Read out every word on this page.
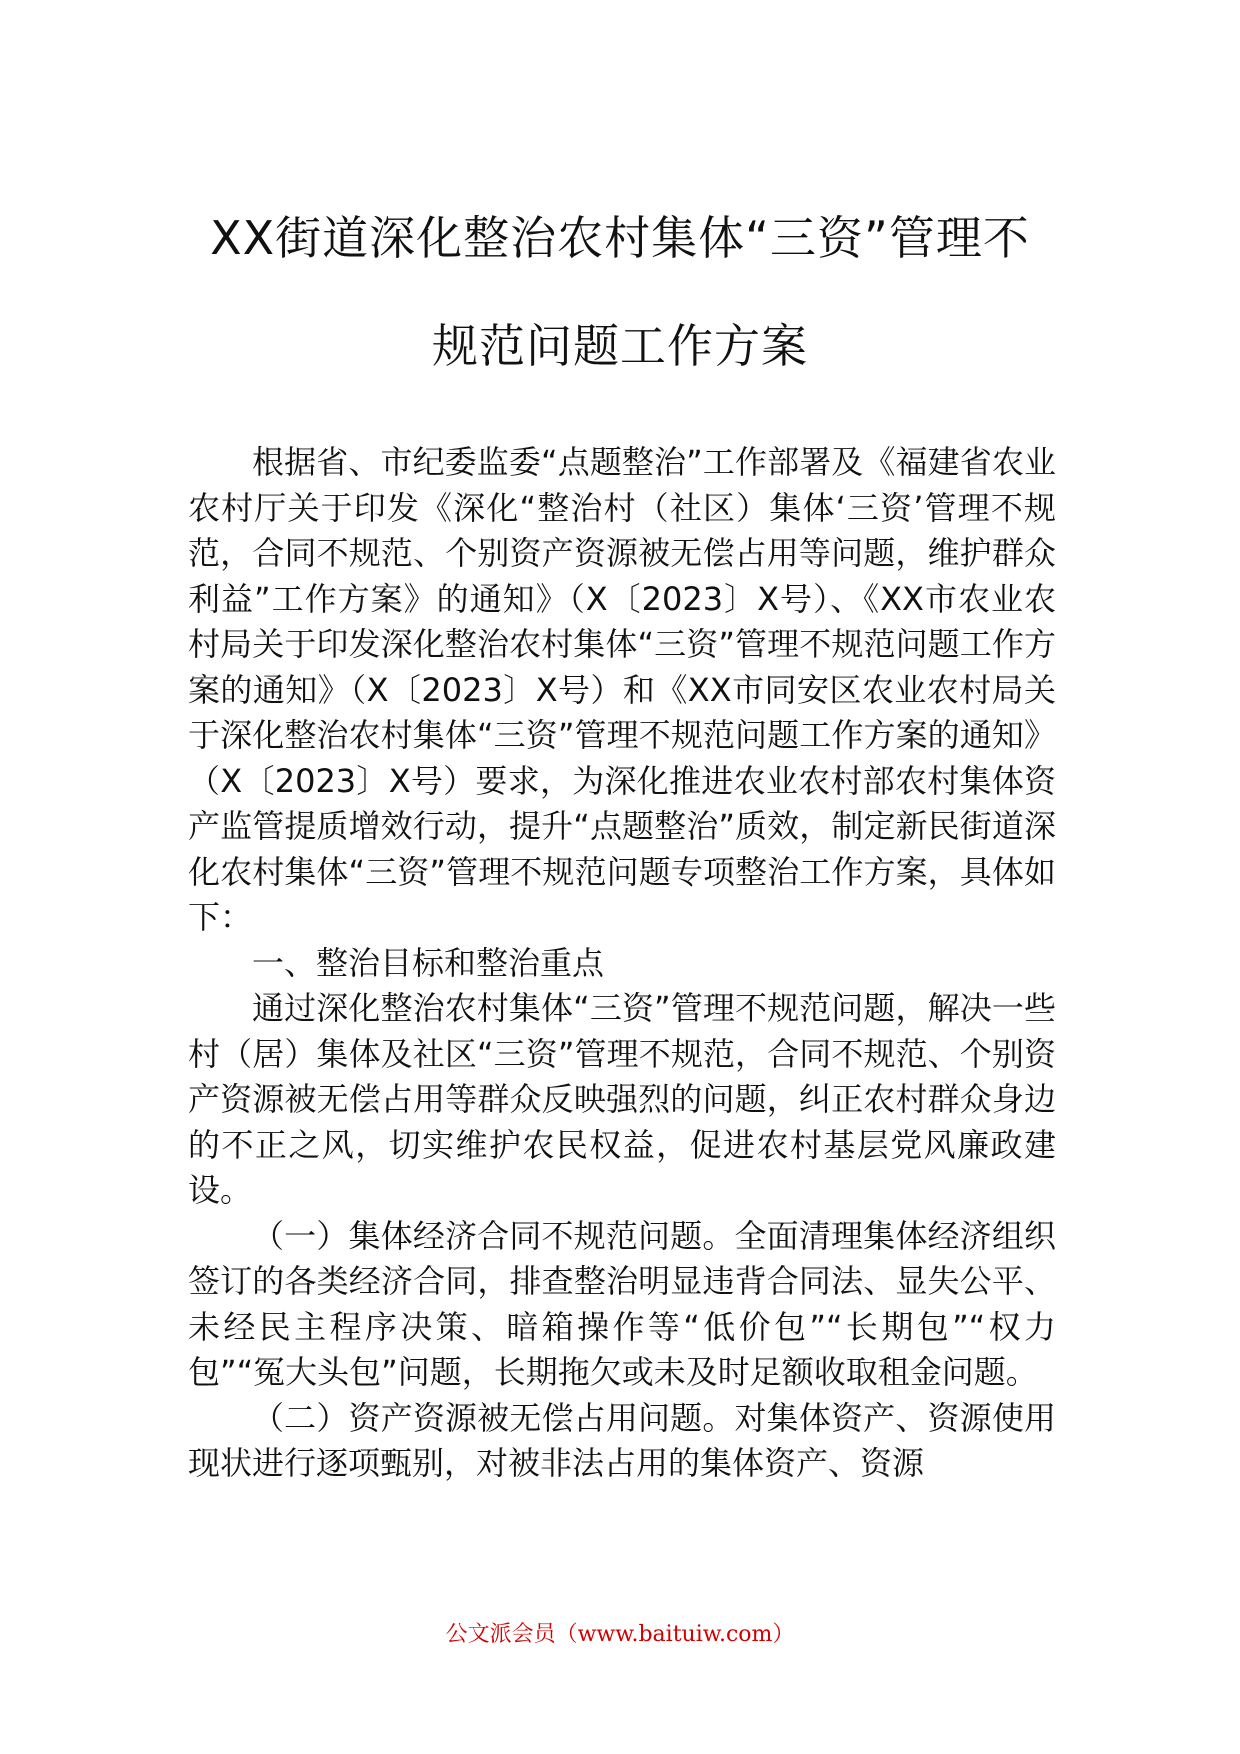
XX街道深化整治农村集体“三资”管理不
规范问题工作方案

根据省、市纪委监委“点题整治”工作部署及《福建省农业农村厅关于印发《深化“整治村（社区）集体‘三资’管理不规范，合同不规范、个别资产资源被无偿占用等问题，维护群众利益”工作方案》的通知》（X〔2023〕X号）、《XX市农业农村局关于印发深化整治农村集体“三资”管理不规范问题工作方案的通知》（X〔2023〕X号）和《XX市同安区农业农村局关于深化整治农村集体“三资”管理不规范问题工作方案的通知》（X〔2023〕X号）要求，为深化推进农业农村部农村集体资产监管提质增效行动，提升“点题整治”质效，制定新民街道深化农村集体“三资”管理不规范问题专项整治工作方案，具体如下：

一、整治目标和整治重点

通过深化整治农村集体“三资”管理不规范问题，解决一些村（居）集体及社区“三资”管理不规范，合同不规范、个别资产资源被无偿占用等群众反映强烈的问题，纠正农村群众身边的不正之风，切实维护农民权益，促进农村基层党风廉政建设。

（一）集体经济合同不规范问题。全面清理集体经济组织签订的各类经济合同，排查整治明显违背合同法、显失公平、未经民主程序决策、暗箱操作等“低价包”“长期包”“权力包”“冤大头包”问题，长期拖欠或未及时足额收取租金问题。

（二）资产资源被无偿占用问题。对集体资产、资源使用现状进行逐项甄别，对被非法占用的集体资产、资源

公文派会员（www.baituiw.com）
